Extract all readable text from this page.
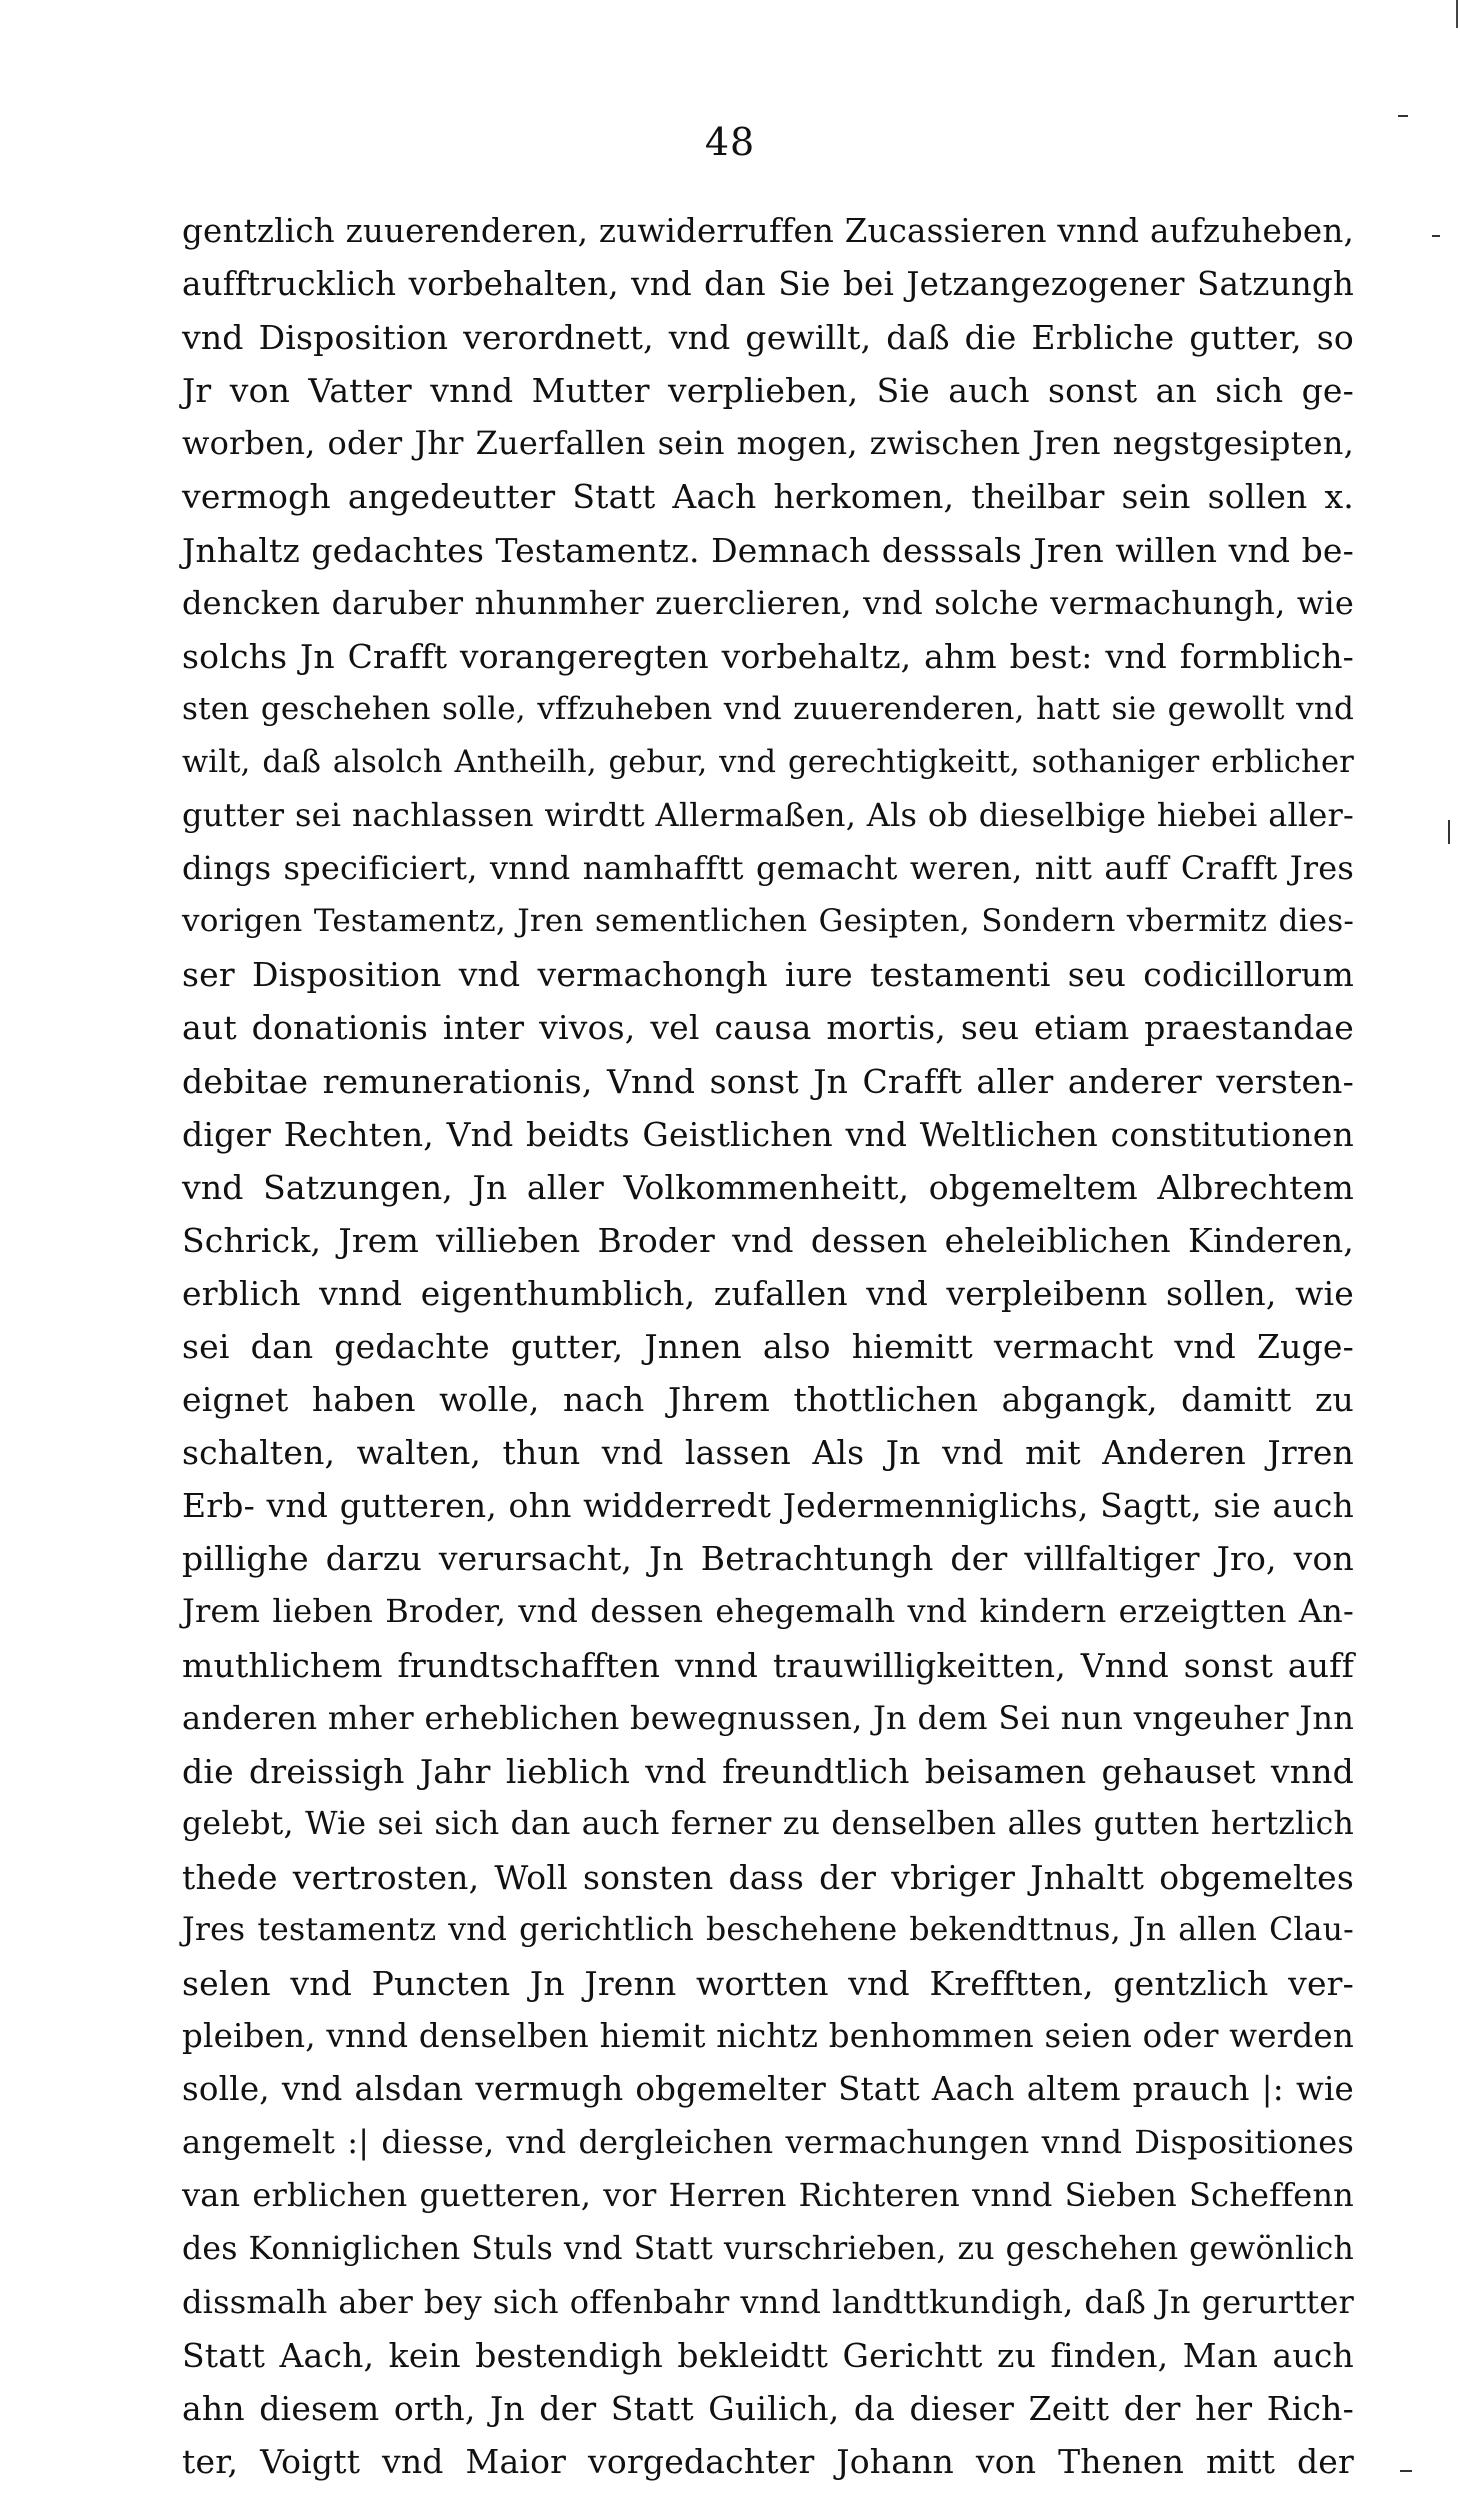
48
gentzlich zuuerenderen, zuwiderruffen Zucassieren vnnd aufzuheben,
aufftrucklich vorbehalten, vnd dan Sie bei Jetzangezogener Satzungh
vnd Disposition verordnett, vnd gewillt, daß die Erbliche gutter, so
Jr von Vatter vnnd Mutter verplieben, Sie auch sonst an sich ge-
worben, oder Jhr Zuerfallen sein mogen, zwischen Jren negstgesipten,
vermogh angedeutter Statt Aach herkomen, theilbar sein sollen x.
Jnhaltz gedachtes Testamentz. Demnach desssals Jren willen vnd be-
dencken daruber nhunmher zuerclieren, vnd solche vermachungh, wie
solchs Jn Crafft vorangeregten vorbehaltz, ahm best: vnd formblich-
sten geschehen solle, vffzuheben vnd zuuerenderen, hatt sie gewollt vnd
wilt, daß alsolch Antheilh, gebur, vnd gerechtigkeitt, sothaniger erblicher
gutter sei nachlassen wirdtt Allermaßen, Als ob dieselbige hiebei aller-
dings specificiert, vnnd namhafftt gemacht weren, nitt auff Crafft Jres
vorigen Testamentz, Jren sementlichen Gesipten, Sondern vbermitz dies-
ser Disposition vnd vermachongh iure testamenti seu codicillorum
aut donationis inter vivos, vel causa mortis, seu etiam praestandae
debitae remunerationis, Vnnd sonst Jn Crafft aller anderer versten-
diger Rechten, Vnd beidts Geistlichen vnd Weltlichen constitutionen
vnd Satzungen, Jn aller Volkommenheitt, obgemeltem Albrechtem
Schrick, Jrem villieben Broder vnd dessen eheleiblichen Kinderen,
erblich vnnd eigenthumblich, zufallen vnd verpleibenn sollen, wie
sei dan gedachte gutter, Jnnen also hiemitt vermacht vnd Zuge-
eignet haben wolle, nach Jhrem thottlichen abgangk, damitt zu
schalten, walten, thun vnd lassen Als Jn vnd mit Anderen Jrren
Erb- vnd gutteren, ohn widderredt Jedermenniglichs, Sagtt, sie auch
pillighe darzu verursacht, Jn Betrachtungh der villfaltiger Jro, von
Jrem lieben Broder, vnd dessen ehegemalh vnd kindern erzeigtten An-
muthlichem frundtschafften vnnd trauwilligkeitten, Vnnd sonst auff
anderen mher erheblichen bewegnussen, Jn dem Sei nun vngeuher Jnn
die dreissigh Jahr lieblich vnd freundtlich beisamen gehauset vnnd
gelebt, Wie sei sich dan auch ferner zu denselben alles gutten hertzlich
thede vertrosten, Woll sonsten dass der vbriger Jnhaltt obgemeltes
Jres testamentz vnd gerichtlich beschehene bekendttnus, Jn allen Clau-
selen vnd Puncten Jn Jrenn wortten vnd Krefftten, gentzlich ver-
pleiben, vnnd denselben hiemit nichtz benhommen seien oder werden
solle, vnd alsdan vermugh obgemelter Statt Aach altem prauch |: wie
angemelt :| diesse, vnd dergleichen vermachungen vnnd Dispositiones
van erblichen guetteren, vor Herren Richteren vnnd Sieben Scheffenn
des Konniglichen Stuls vnd Statt vurschrieben, zu geschehen gewönlich
dissmalh aber bey sich offenbahr vnnd landttkundigh, daß Jn gerurtter
Statt Aach, kein bestendigh bekleidtt Gerichtt zu finden, Man auch
ahn diesem orth, Jn der Statt Guilich, da dieser Zeitt der her Rich-
ter, Voigtt vnd Maior vorgedachter Johann von Thenen mitt der
